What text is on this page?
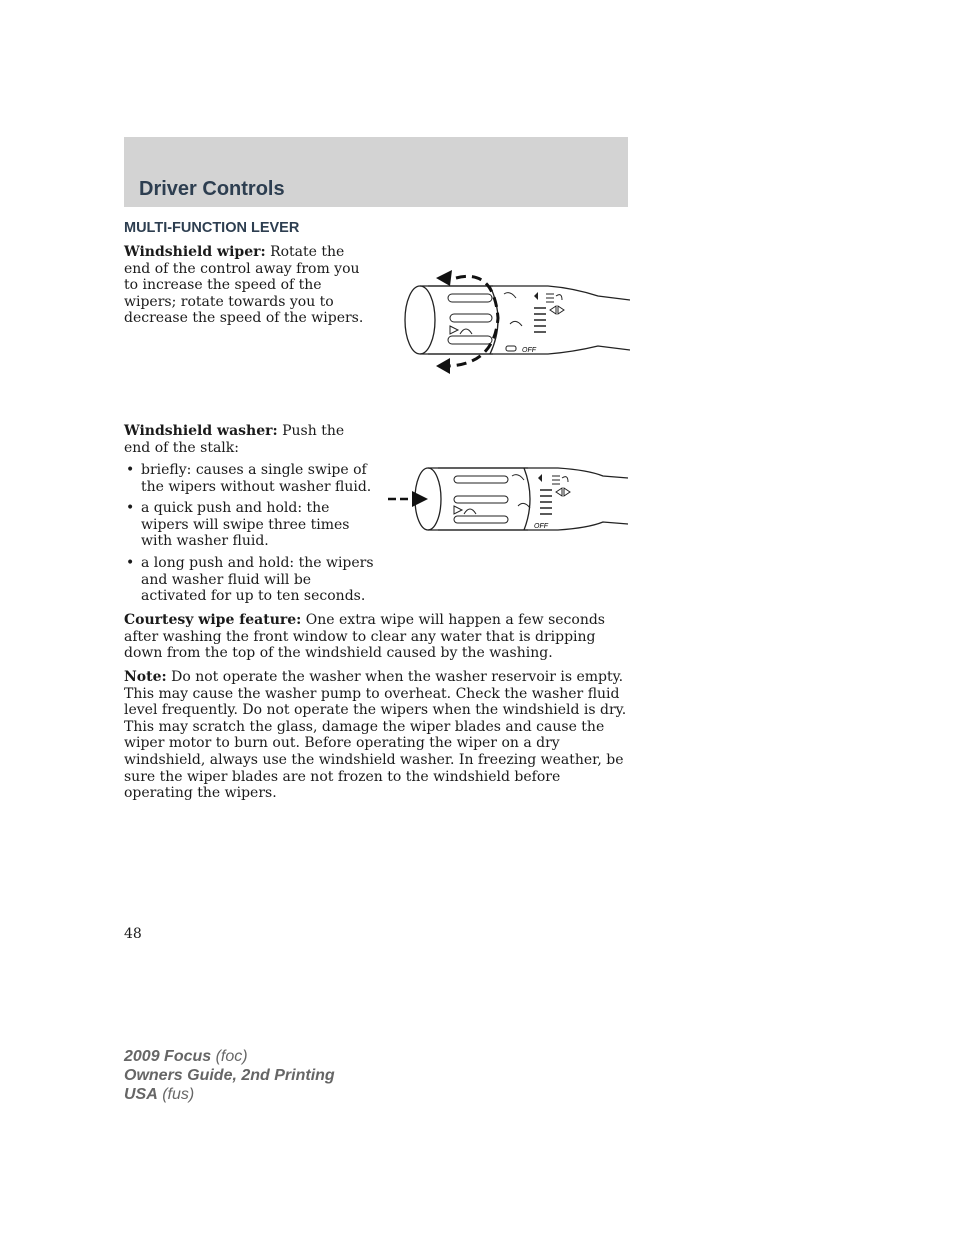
Driver Controls
MULTI-FUNCTION LEVER

Windshield wiper: Rotate the end of the control away from you to increase the speed of the wipers; rotate towards you to decrease the speed of the wipers.

OFF

Windshield washer: Push the end of the stalk:

• briefly: causes a single swipe of the wipers without washer fluid.
• a quick push and hold: the wipers will swipe three times with washer fluid.
• a long push and hold: the wipers and washer fluid will be activated for up to ten seconds.
OFF

Courtesy wipe feature: One extra wipe will happen a few seconds after washing the front window to clear any water that is dripping down from the top of the windshield caused by the washing.

Note: Do not operate the washer when the washer reservoir is empty. This may cause the washer pump to overheat. Check the washer fluid level frequently. Do not operate the wipers when the windshield is dry. This may scratch the glass, damage the wiper blades and cause the wiper motor to burn out. Before operating the wiper on a dry windshield, always use the windshield washer. In freezing weather, be sure the wiper blades are not frozen to the windshield before operating the wipers.

48
2009 Focus (foc)
Owners Guide, 2nd Printing
USA (fus)
